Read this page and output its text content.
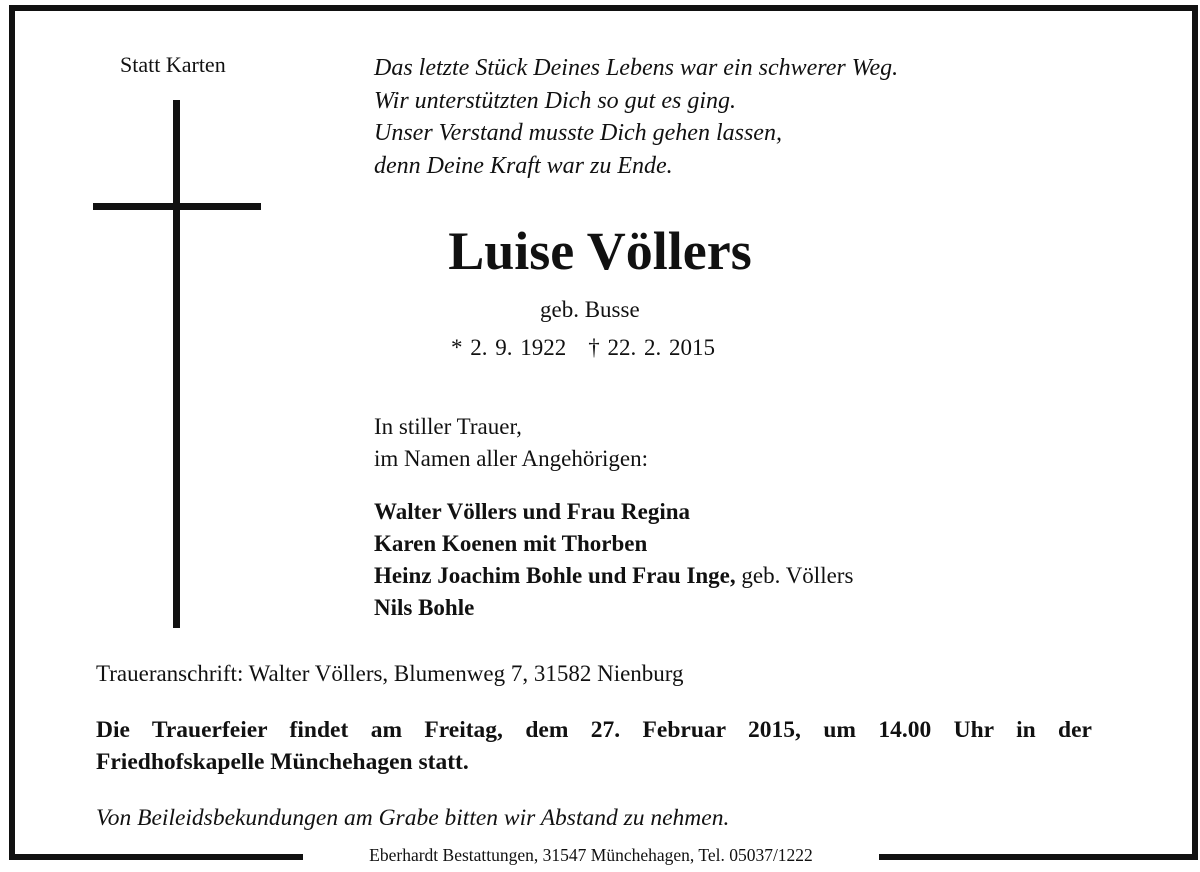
Statt Karten	Das letzte Stück Deines Lebens war ein schwerer Weg.
Wir unterstützten Dich so gut es ging.
Unser Verstand musste Dich gehen lassen,
denn Deine Kraft war zu Ende.
Luise Völlers
geb. Busse
* 2. 9. 1922 † 22. 2. 2015
In stiller Trauer,
im Namen aller Angehörigen:
Walter Völlers und Frau Regina
Karen Koenen mit Thorben
Heinz Joachim Bohle und Frau Inge, geb. Völlers
Nils Bohle
Traueranschrift: Walter Völlers, Blumenweg 7, 31582 Nienburg
Die Trauerfeier findet am Freitag, dem 27. Februar 2015, um 14.00 Uhr in der
Friedhofskapelle Münchehagen statt.
Von Beileidsbekundungen am Grabe bitten wir Abstand zu nehmen.
Eberhardt Bestattungen, 31547 Münchehagen, Tel. 05037/1222
